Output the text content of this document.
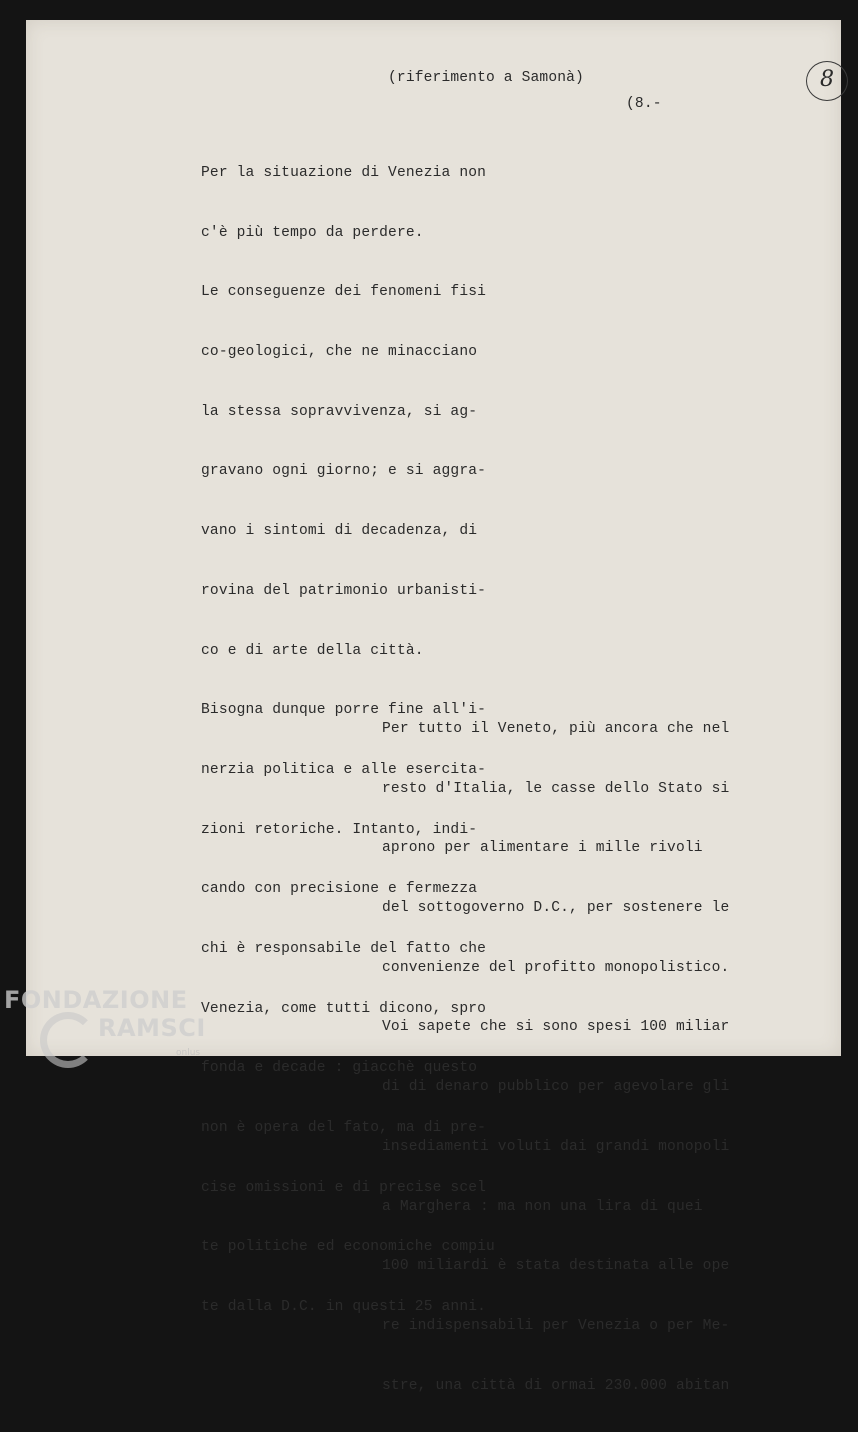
(riferimento a Samonà)
(8.-
8

Per la situazione di Venezia non

c'è più tempo da perdere.

Le conseguenze dei fenomeni fisi

co-geologici, che ne minacciano

la stessa sopravvivenza, si ag-

gravano ogni giorno; e si aggra-

vano i sintomi di decadenza, di

rovina del patrimonio urbanisti-

co e di arte della città.

Bisogna dunque porre fine all'i-

nerzia politica e alle esercita-

zioni retoriche. Intanto, indi-

cando con precisione e fermezza

chi è responsabile del fatto che

Venezia, come tutti dicono, spro

fonda e decade : giacchè questo

non è opera del fato, ma di pre-

cise omissioni e di precise scel

te politiche ed economiche compiu

te dalla D.C. in questi 25 anni.

Per tutto il Veneto, più ancora che nel

resto d'Italia, le casse dello Stato si

aprono per alimentare i mille rivoli

del sottogoverno D.C., per sostenere le

convenienze del profitto monopolistico.

Voi sapete che si sono spesi 100 miliar

di di denaro pubblico per agevolare gli

insediamenti voluti dai grandi monopoli

a Marghera : ma non una lira di quei

100 miliardi è stata destinata alle ope

re indispensabili per Venezia o per Me-

stre, una città di ormai 230.000 abitan

FONDAZIONE
RAMSCI
onlus
